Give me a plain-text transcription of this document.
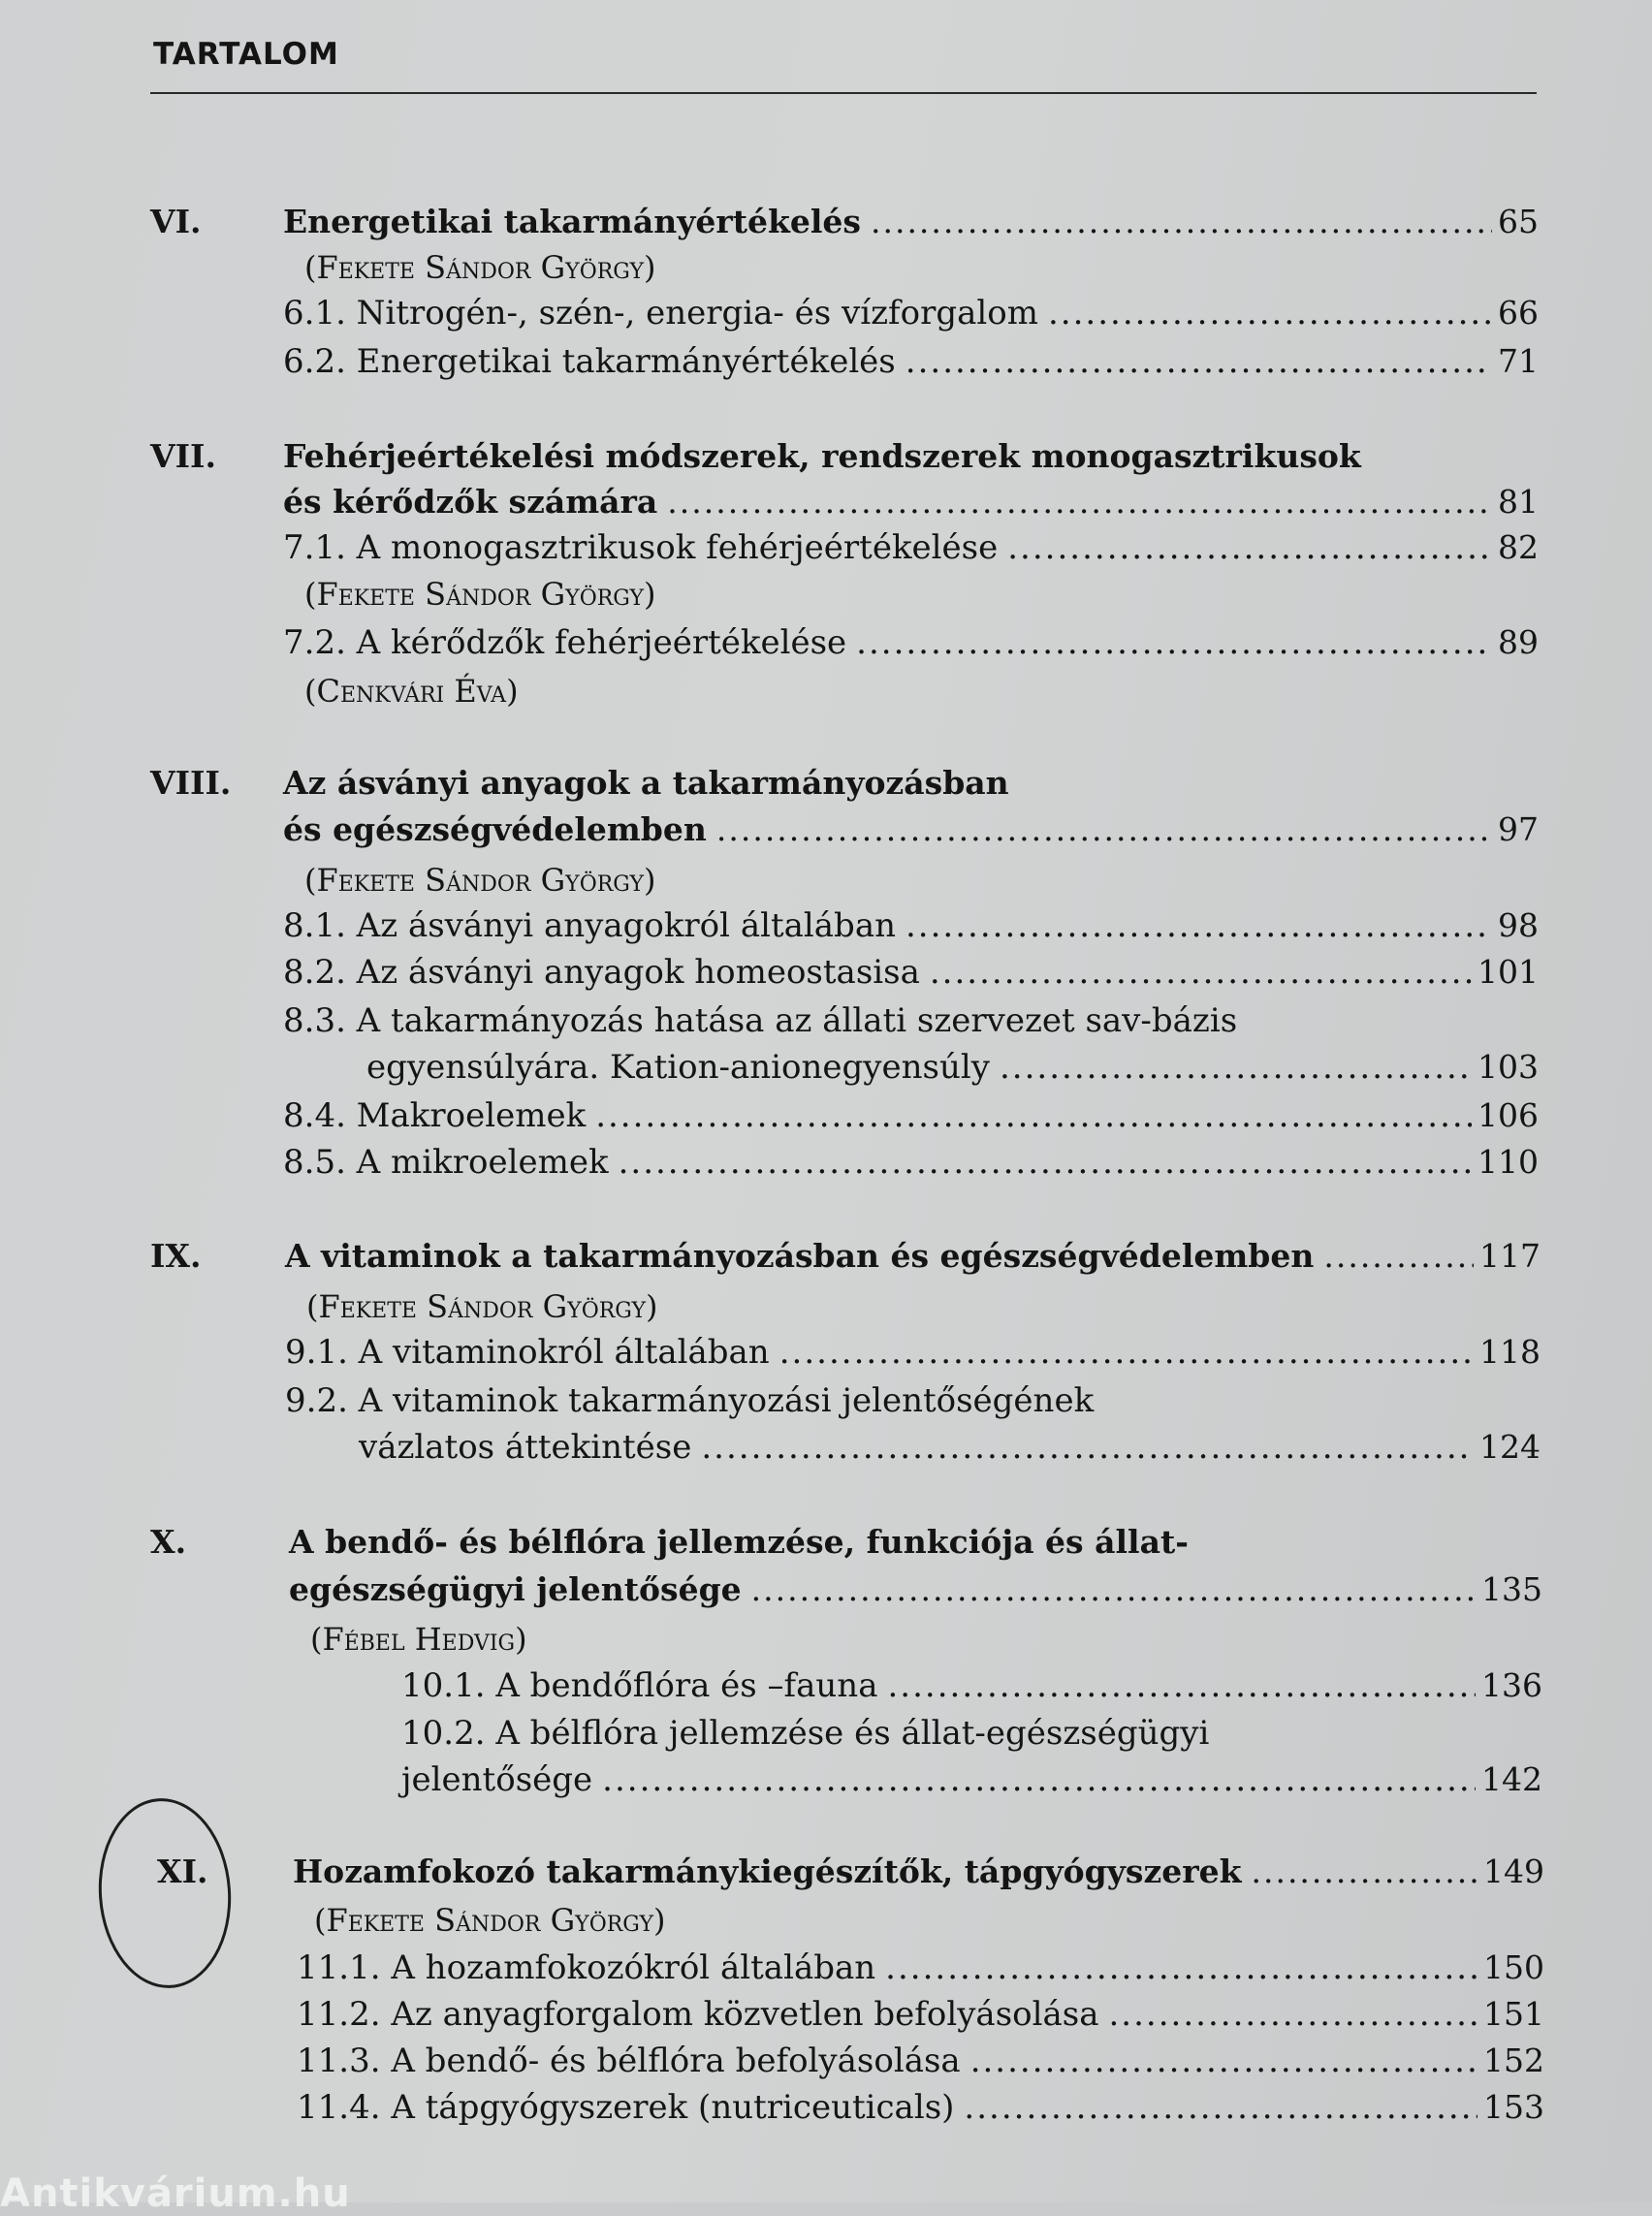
TARTALOM
VI.	Energetikai takarmányértékelés .....	65
(Fekete Sándor György)
6.1. Nitrogén-, szén-, energia- és vízforgalom .....	66
6.2. Energetikai takarmányértékelés .....	71
VII. Fehérjeértékelési módszerek, rendszerek monogasztrikusok
és kérődzők számára .....	81
7.1. A monogasztrikusok fehérjeértékelése .....	82
(Fekete Sándor György)
7.2. A kérődzők fehérjeértékelése .....	89
(Cenkvári Éva)
VIII. Az ásványi anyagok a takarmányozásban
és egészségvédelemben .....	97
(Fekete Sándor György)
8.1. Az ásványi anyagokról általában .....	98
8.2. Az ásványi anyagok homeostasisa .....	101
8.3. A takarmányozás hatása az állati szervezet sav-bázis
egyensúlyára. Kation-anionegyensúly .....	103
8.4. Makroelemek .....	106
8.5. A mikroelemek .....	110
IX.	A vitaminok a takarmányozásban és egészségvédelemben .....	117
(Fekete Sándor György)
9.1. A vitaminokról általában .....	118
9.2. A vitaminok takarmányozási jelentőségének
vázlatos áttekintése .....	124
X.	A bendő- és bélflóra jellemzése, funkciója és állat-
egészségügyi jelentősége .....	135
(Fébel Hedvig)
10.1. A bendőflóra és –fauna .....	136
10.2. A bélflóra jellemzése és állat-egészségügyi
jelentősége .....	142
XI.	Hozamfokozó takarmánykiegészítők, tápgyógyszerek .....	149
(Fekete Sándor György)
11.1. A hozamfokozókról általában .....	150
11.2. Az anyagforgalom közvetlen befolyásolása .....	151
11.3. A bendő- és bélflóra befolyásolása .....	152
11.4. A tápgyógyszerek (nutriceuticals) .....	153
Antikvárium.hu
